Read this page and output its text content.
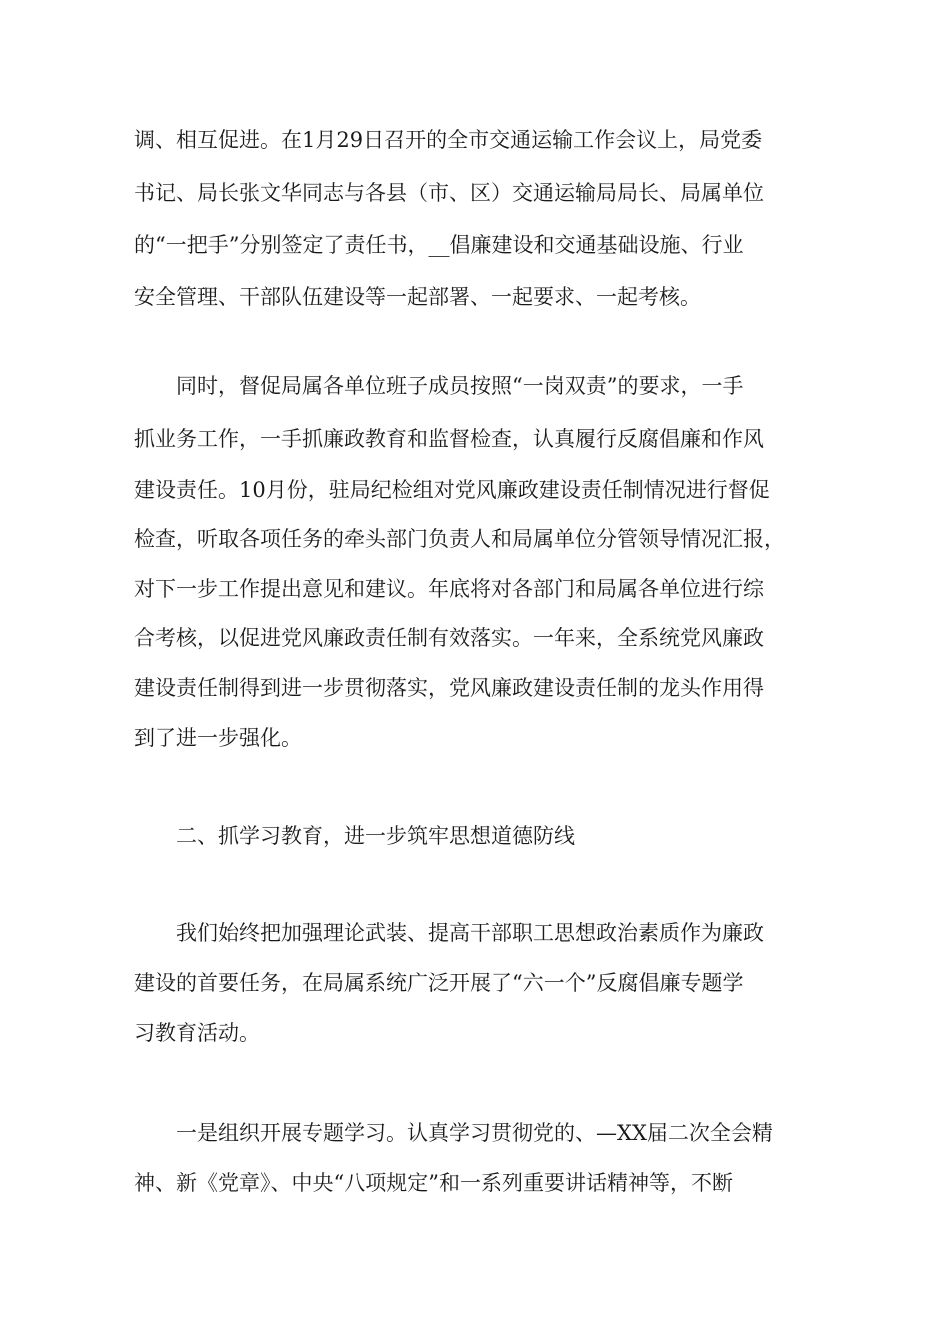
调、相互促进。在1月29日召开的全市交通运输工作会议上，局党委
书记、局长张文华同志与各县（市、区）交通运输局局长、局属单位
的“一把手”分别签定了责任书，__倡廉建设和交通基础设施、行业
安全管理、干部队伍建设等一起部署、一起要求、一起考核。
　　同时，督促局属各单位班子成员按照“一岗双责”的要求，一手
抓业务工作，一手抓廉政教育和监督检查，认真履行反腐倡廉和作风
建设责任。10月份，驻局纪检组对党风廉政建设责任制情况进行督促
检查，听取各项任务的牵头部门负责人和局属单位分管领导情况汇报，
对下一步工作提出意见和建议。年底将对各部门和局属各单位进行综
合考核，以促进党风廉政责任制有效落实。一年来，全系统党风廉政
建设责任制得到进一步贯彻落实，党风廉政建设责任制的龙头作用得
到了进一步强化。
　　二、抓学习教育，进一步筑牢思想道德防线
　　我们始终把加强理论武装、提高干部职工思想政治素质作为廉政
建设的首要任务，在局属系统广泛开展了“六一个”反腐倡廉专题学
习教育活动。
　　一是组织开展专题学习。认真学习贯彻党的、—XX届二次全会精
神、新《党章》、中央“八项规定”和一系列重要讲话精神等，不断
